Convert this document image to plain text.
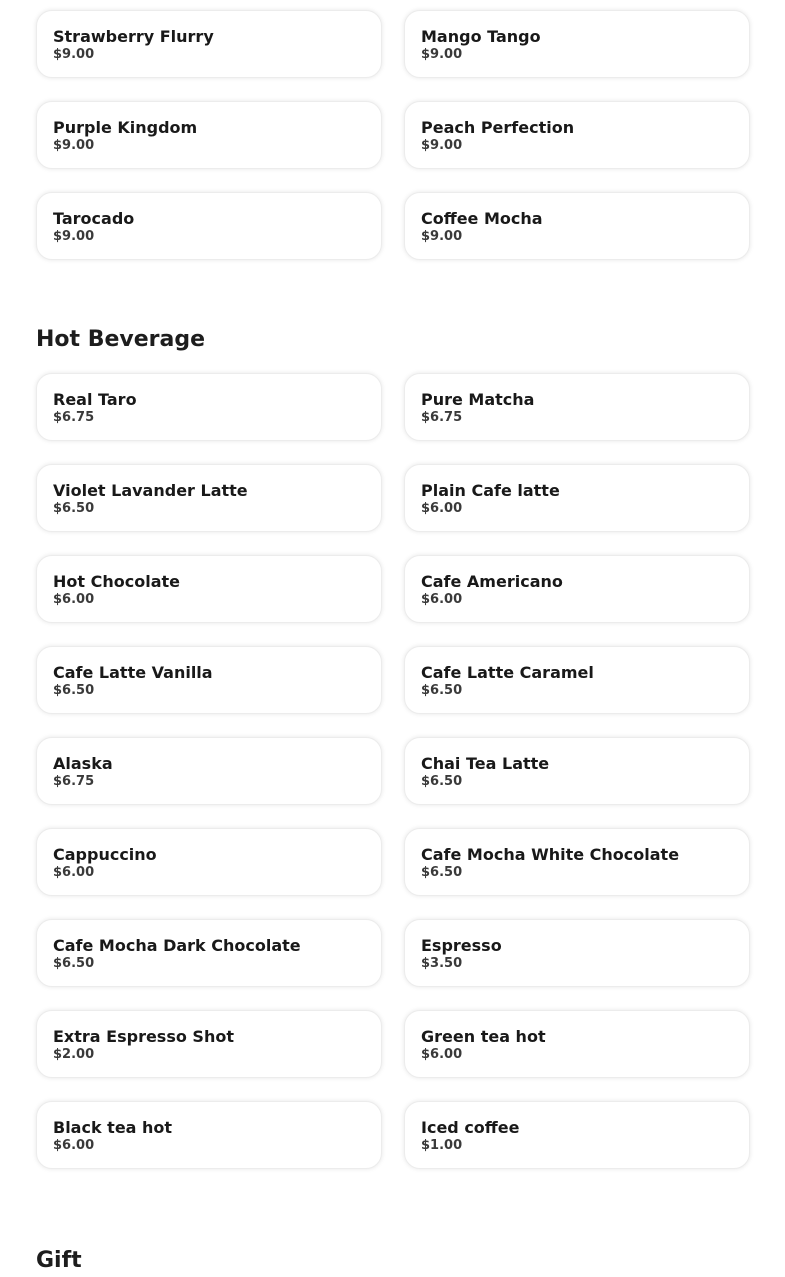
Strawberry Flurry
$9.00
Mango Tango
$9.00
Purple Kingdom
$9.00
Peach Perfection
$9.00
Tarocado
$9.00
Coffee Mocha
$9.00
Hot Beverage
Real Taro
$6.75
Pure Matcha
$6.75
Violet Lavander Latte
$6.50
Plain Cafe latte
$6.00
Hot Chocolate
$6.00
Cafe Americano
$6.00
Cafe Latte Vanilla
$6.50
Cafe Latte Caramel
$6.50
Alaska
$6.75
Chai Tea Latte
$6.50
Cappuccino
$6.00
Cafe Mocha White Chocolate
$6.50
Cafe Mocha Dark Chocolate
$6.50
Espresso
$3.50
Extra Espresso Shot
$2.00
Green tea hot
$6.00
Black tea hot
$6.00
Iced coffee
$1.00
Gift
